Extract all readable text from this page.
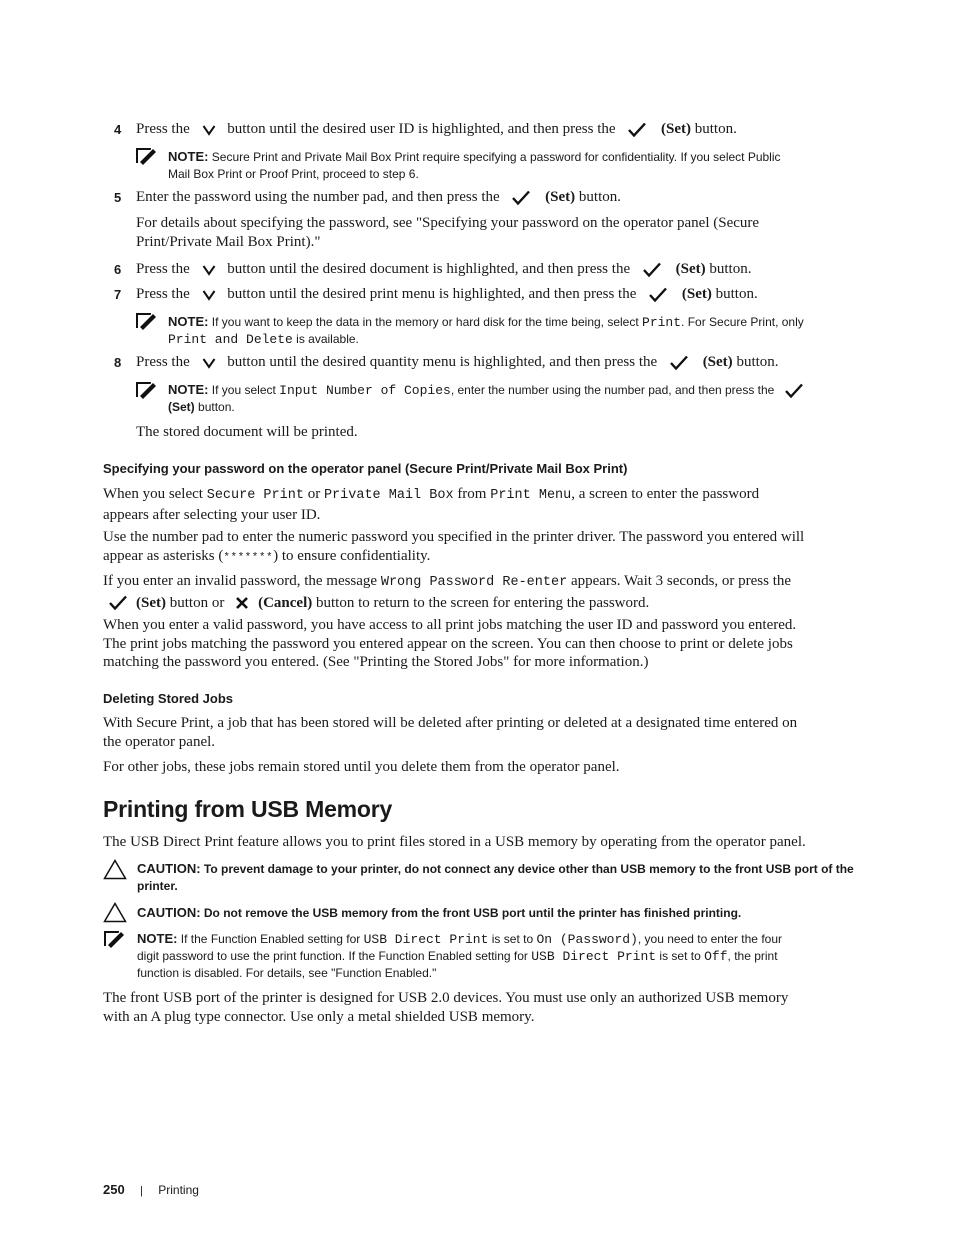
4 Press the	button until the desired user ID is highlighted, and then press the	(Set) button.
NOTE: Secure Print and Private Mail Box Print require specifying a password for confidentiality. If you select Public
Mail Box Print or Proof Print, proceed to step 6.
5 Enter the password using the number pad, and then press the	(Set) button.
For details about specifying the password, see "Specifying your password on the operator panel (Secure
Print/Private Mail Box Print)."
6 Press the	button until the desired document is highlighted, and then press the	(Set) button.
7 Press the	button until the desired print menu is highlighted, and then press the	(Set) button.
NOTE: If you want to keep the data in the memory or hard disk for the time being, select Print. For Secure Print, only
Print and Delete is available.
8 Press the	button until the desired quantity menu is highlighted, and then press the	(Set) button.
NOTE: If you select Input Number of Copies, enter the number using the number pad, and then press the
(Set) button.
The stored document will be printed.
Specifying your password on the operator panel (Secure Print/Private Mail Box Print)
When you select Secure Print or Private Mail Box from Print Menu, a screen to enter the password
appears after selecting your user ID.
Use the number pad to enter the numeric password you specified in the printer driver. The password you entered will
appear as asterisks (*******) to ensure confidentiality.
If you enter an invalid password, the message Wrong Password Re-enter appears. Wait 3 seconds, or press the
(Set) button or (Cancel) button to return to the screen for entering the password.
When you enter a valid password, you have access to all print jobs matching the user ID and password you entered.
The print jobs matching the password you entered appear on the screen. You can then choose to print or delete jobs
matching the password you entered. (See "Printing the Stored Jobs" for more information.)
Deleting Stored Jobs
With Secure Print, a job that has been stored will be deleted after printing or deleted at a designated time entered on
the operator panel.
For other jobs, these jobs remain stored until you delete them from the operator panel.
Printing from USB Memory
The USB Direct Print feature allows you to print files stored in a USB memory by operating from the operator panel.
CAUTION: To prevent damage to your printer, do not connect any device other than USB memory to the front USB port of the
printer.
CAUTION: Do not remove the USB memory from the front USB port until the printer has finished printing.
NOTE: If the Function Enabled setting for USB Direct Print is set to On (Password), you need to enter the four
digit password to use the print function. If the Function Enabled setting for USB Direct Print is set to Off, the print
function is disabled. For details, see "Function Enabled."
The front USB port of the printer is designed for USB 2.0 devices. You must use only an authorized USB memory
with an A plug type connector. Use only a metal shielded USB memory.
250 | Printing
